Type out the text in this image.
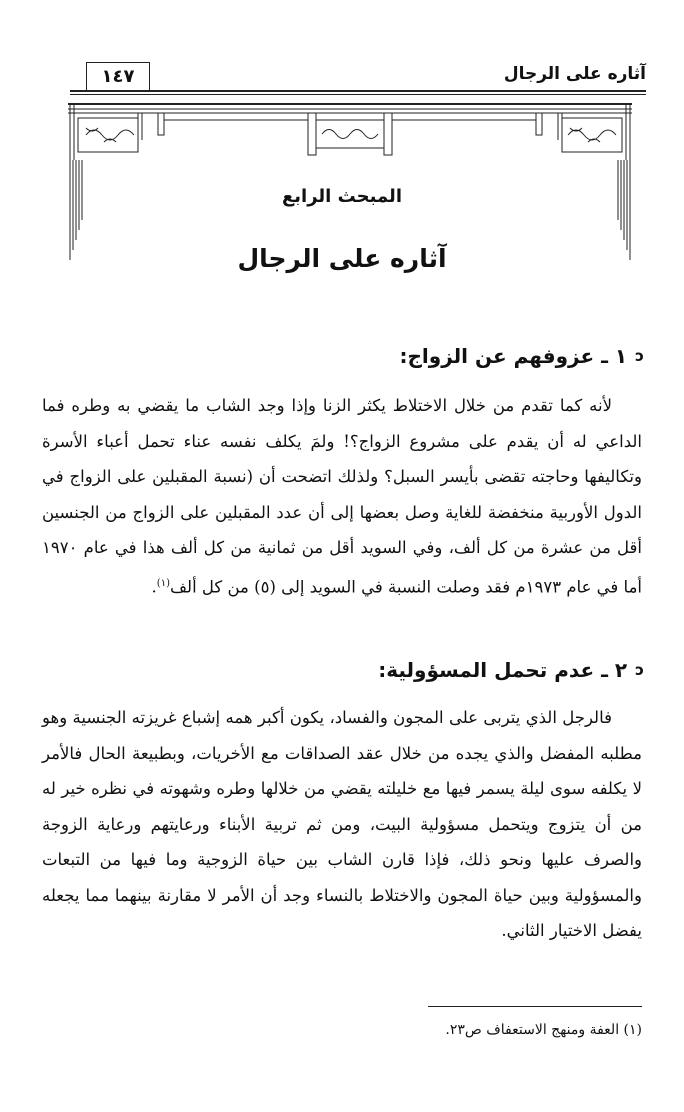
آثاره على الرجال
١٤٧
المبحث الرابع
آثاره على الرجال
ↄ
١ ـ عزوفهم عن الزواج:

لأنه كما تقدم من خلال الاختلاط يكثر الزنا وإذا وجد الشاب ما يقضي به وطره فما الداعي له أن يقدم على مشروع الزواج؟! ولمَ يكلف نفسه عناء تحمل أعباء الأسرة وتكاليفها وحاجته تقضى بأيسر السبل؟ ولذلك اتضحت أن (نسبة المقبلين على الزواج في الدول الأوربية منخفضة للغاية وصل بعضها إلى أن عدد المقبلين على الزواج من الجنسين أقل من عشرة من كل ألف، وفي السويد أقل من ثمانية من كل ألف هذا في عام ١٩٧٠ أما في عام ١٩٧٣م فقد وصلت النسبة في السويد إلى (٥) من كل ألف$^{(١)}$.

ↄ
٢ ـ عدم تحمل المسؤولية:

فالرجل الذي يتربى على المجون والفساد، يكون أكبر همه إشباع غريزته الجنسية وهو مطلبه المفضل والذي يجده من خلال عقد الصداقات مع الأخريات، وبطبيعة الحال فالأمر لا يكلفه سوى ليلة يسمر فيها مع خليلته يقضي من خلالها وطره وشهوته في نظره خير له من أن يتزوج ويتحمل مسؤولية البيت، ومن ثم تربية الأبناء ورعايتهم ورعاية الزوجة والصرف عليها ونحو ذلك، فإذا قارن الشاب بين حياة الزوجية وما فيها من التبعات والمسؤولية وبين حياة المجون والاختلاط بالنساء وجد أن الأمر لا مقارنة بينهما مما يجعله يفضل الاختيار الثاني.

(١) العفة ومنهج الاستعفاف ص٢٣.
